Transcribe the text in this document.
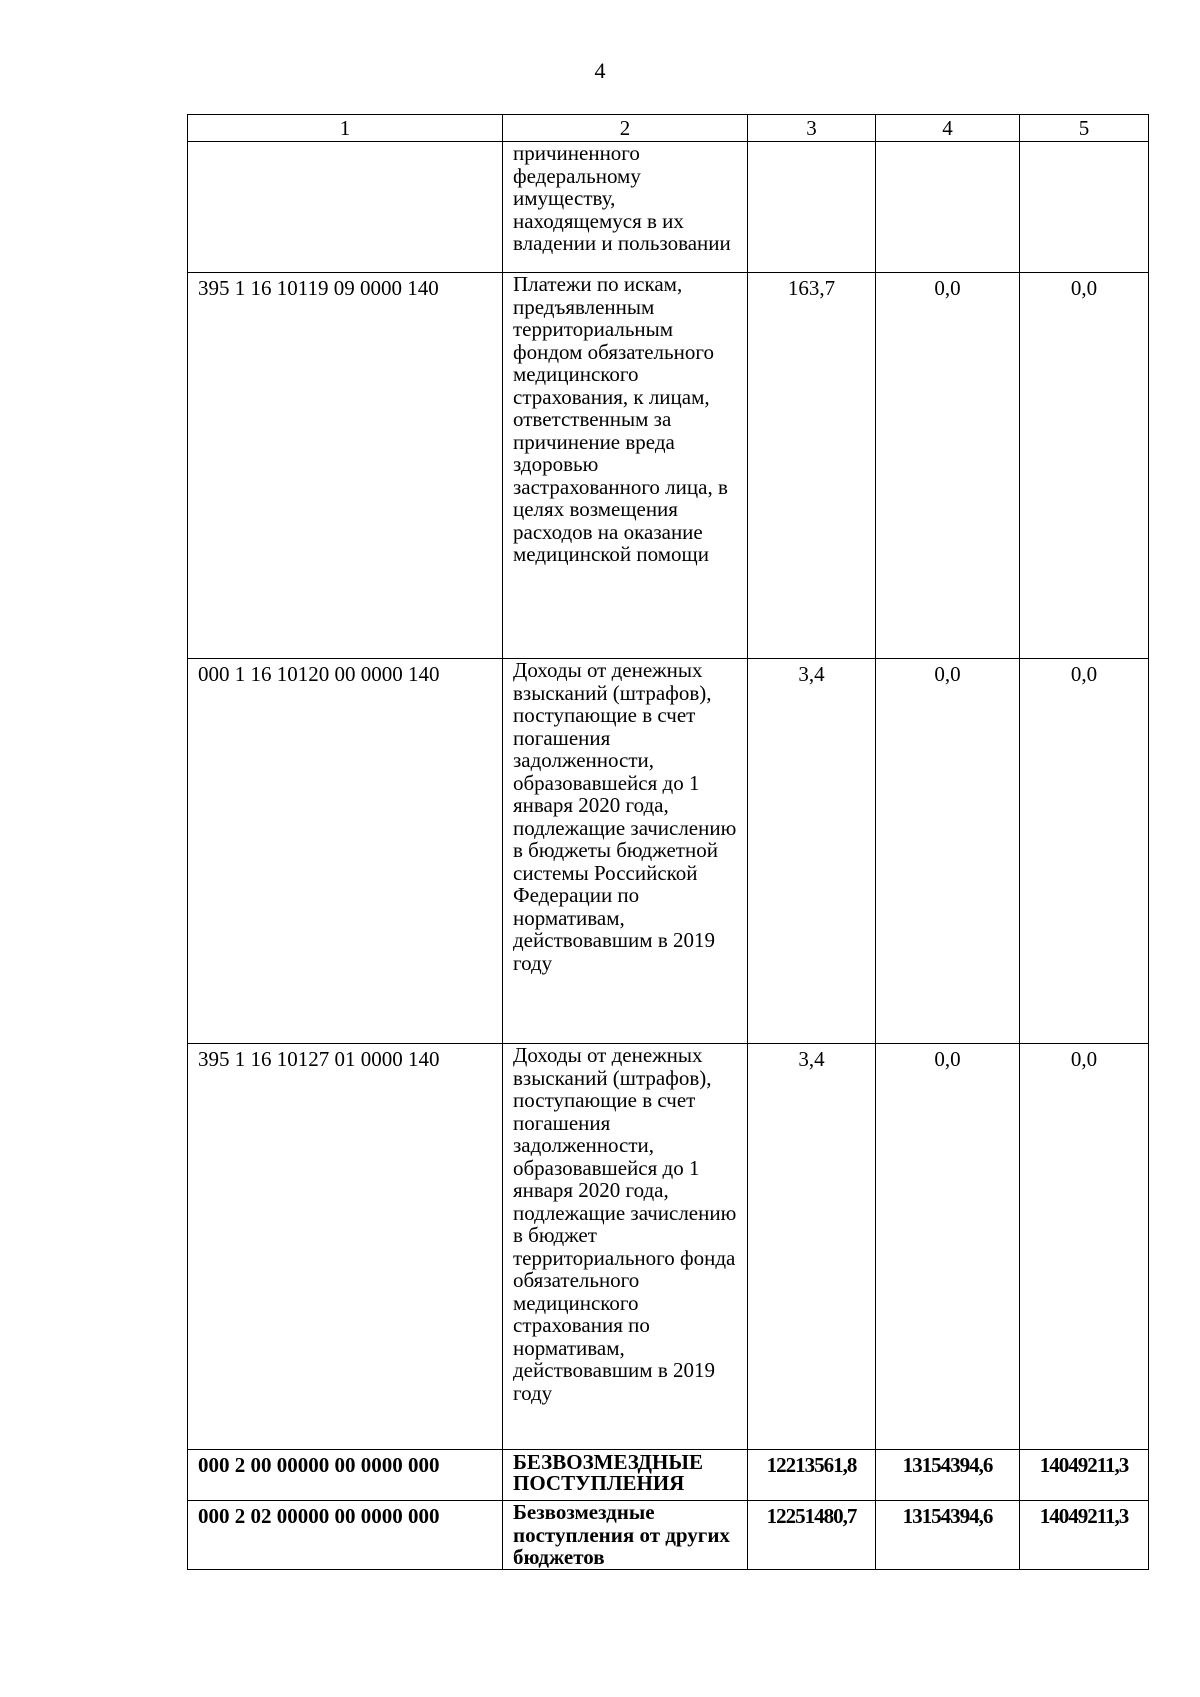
4
1	2	3	4	5
	причиненного федеральному имуществу, находящемуся в их владении и пользовании			
395 1 16 10119 09 0000 140	Платежи по искам, предъявленным территориальным фондом обязательного медицинского страхования, к лицам, ответственным за причинение вреда здоровью застрахованного лица, в целях возмещения расходов на оказание медицинской помощи	163,7	0,0	0,0
000 1 16 10120 00 0000 140	Доходы от денежных взысканий (штрафов), поступающие в счет погашения задолженности, образовавшейся до 1 января 2020 года, подлежащие зачислению в бюджеты бюджетной системы Российской Федерации по нормативам, действовавшим в 2019 году	3,4	0,0	0,0
395 1 16 10127 01 0000 140	Доходы от денежных взысканий (штрафов), поступающие в счет погашения задолженности, образовавшейся до 1 января 2020 года, подлежащие зачислению в бюджет территориального фонда обязательного медицинского страхования по нормативам, действовавшим в 2019 году	3,4	0,0	0,0
000 2 00 00000 00 0000 000	БЕЗВОЗМЕЗДНЫЕ ПОСТУПЛЕНИЯ	12213561,8	13154394,6	14049211,3
000 2 02 00000 00 0000 000	Безвозмездные поступления от других бюджетов	12251480,7	13154394,6	14049211,3
